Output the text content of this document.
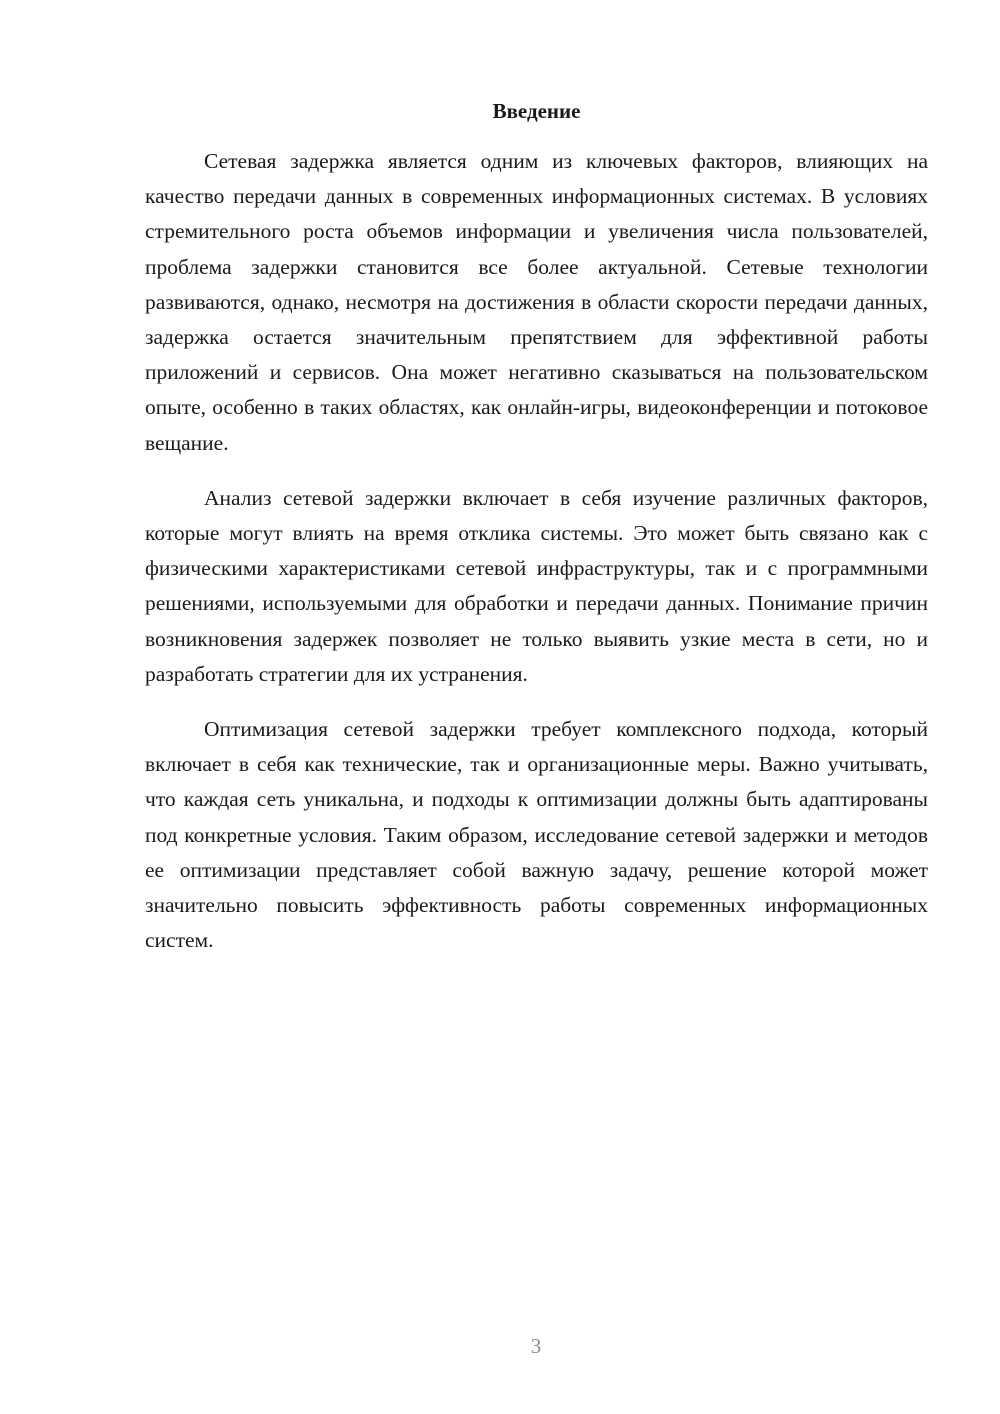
Введение

Сетевая задержка является одним из ключевых факторов, влияющих на качество передачи данных в современных информационных системах. В условиях стремительного роста объемов информации и увеличения числа пользователей, проблема задержки становится все более актуальной. Сетевые технологии развиваются, однако, несмотря на достижения в области скорости передачи данных, задержка остается значительным препятствием для эффективной работы приложений и сервисов. Она может негативно сказываться на пользовательском опыте, особенно в таких областях, как онлайн-игры, видеоконференции и потоковое вещание.

Анализ сетевой задержки включает в себя изучение различных факторов, которые могут влиять на время отклика системы. Это может быть связано как с физическими характеристиками сетевой инфраструктуры, так и с программными решениями, используемыми для обработки и передачи данных. Понимание причин возникновения задержек позволяет не только выявить узкие места в сети, но и разработать стратегии для их устранения.

Оптимизация сетевой задержки требует комплексного подхода, который включает в себя как технические, так и организационные меры. Важно учитывать, что каждая сеть уникальна, и подходы к оптимизации должны быть адаптированы под конкретные условия. Таким образом, исследование сетевой задержки и методов ее оптимизации представляет собой важную задачу, решение которой может значительно повысить эффективность работы современных информационных систем.

3
